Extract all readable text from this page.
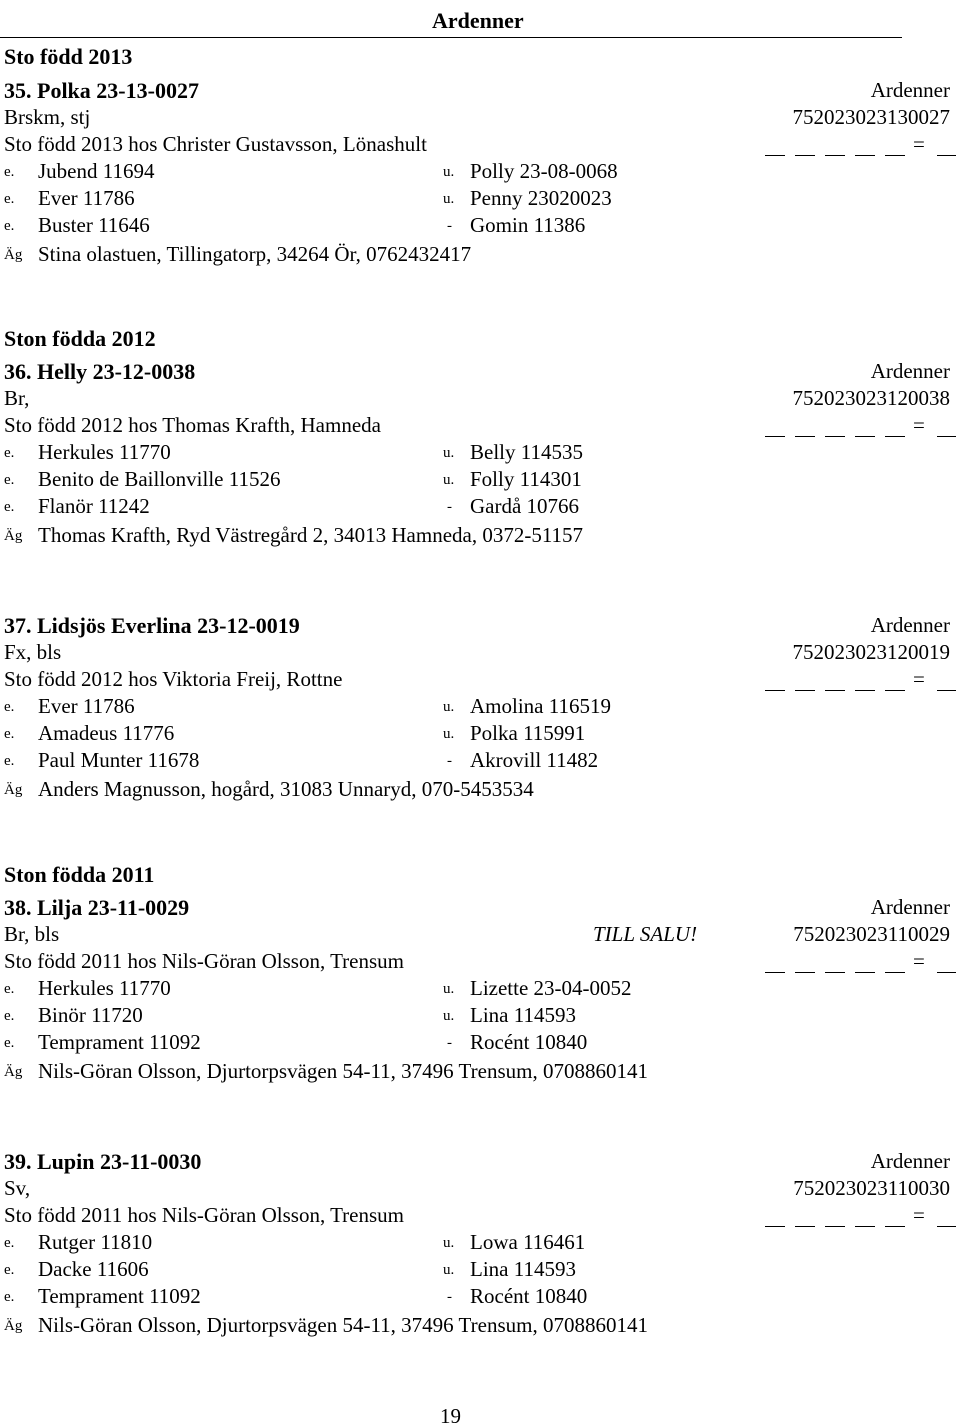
Ardenner
Sto född 2013
Ston födda 2012
Ston födda 2011
35. Polka 23-13-0027	Ardenner
Brskm, stj	752023023130027
Sto född 2013 hos Christer Gustavsson, Lönashult	=
e. Jubend 11694	u. Polly 23-08-0068
e. Ever 11786	u. Penny 23020023
e. Buster 11646	- Gomin 11386
Äg Stina olastuen, Tillingatorp, 34264 Ör, 0762432417
36. Helly 23-12-0038	Ardenner
Br,	752023023120038
Sto född 2012 hos Thomas Krafth, Hamneda	=
e. Herkules 11770	u. Belly 114535
e. Benito de Baillonville 11526	u. Folly 114301
e. Flanör 11242	- Gardå 10766
Äg Thomas Krafth, Ryd Västregård 2, 34013 Hamneda, 0372-51157
37. Lidsjös Everlina 23-12-0019	Ardenner
Fx, bls	752023023120019
Sto född 2012 hos Viktoria Freij, Rottne	=
e. Ever 11786	u. Amolina 116519
e. Amadeus 11776	u. Polka 115991
e. Paul Munter 11678	- Akrovill 11482
Äg Anders Magnusson, hogård, 31083 Unnaryd, 070-5453534
38. Lilja 23-11-0029	Ardenner
Br, bls	TILL SALU!	752023023110029
Sto född 2011 hos Nils-Göran Olsson, Trensum	=
e. Herkules 11770	u. Lizette 23-04-0052
e. Binör 11720	u. Lina 114593
e. Temprament 11092	- Rocént 10840
Äg Nils-Göran Olsson, Djurtorpsvägen 54-11, 37496 Trensum, 0708860141
39. Lupin 23-11-0030	Ardenner
Sv,	752023023110030
Sto född 2011 hos Nils-Göran Olsson, Trensum	=
e. Rutger 11810	u. Lowa 116461
e. Dacke 11606	u. Lina 114593
e. Temprament 11092	- Rocént 10840
Äg Nils-Göran Olsson, Djurtorpsvägen 54-11, 37496 Trensum, 0708860141
19
